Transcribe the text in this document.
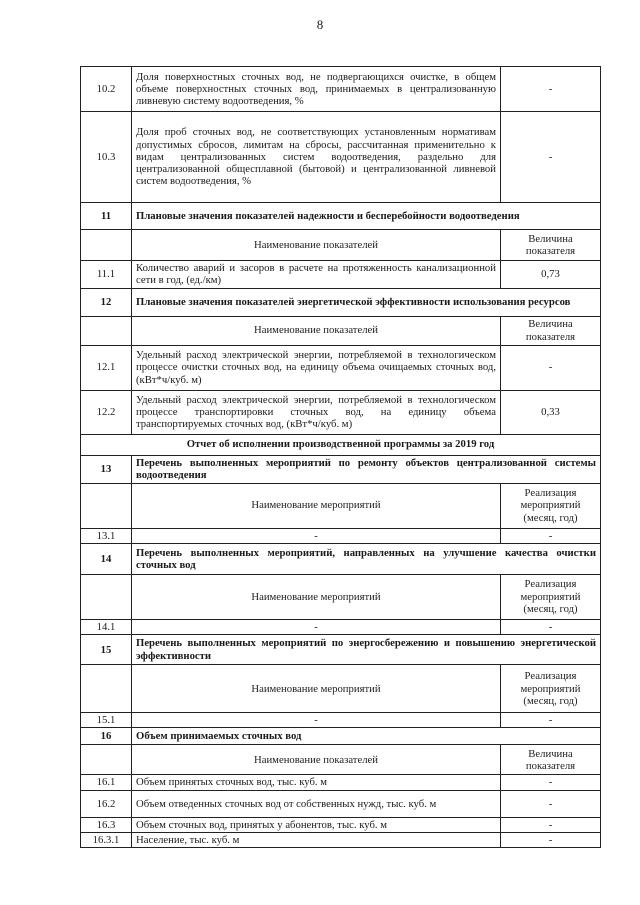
8
10.2	Доля поверхностных сточных вод, не подвергающихся очистке, в общем объеме поверхностных сточных вод, принимаемых в централизованную ливневую систему водоотведения, %	-
10.3	Доля проб сточных вод, не соответствующих установленным нормативам допустимых сбросов, лимитам на сбросы, рассчитанная применительно к видам централизованных систем водоотведения, раздельно для централизованной общесплавной (бытовой) и централизованной ливневой систем водоотведения, %	-
11	Плановые значения показателей надежности и бесперебойности водоотведения	
	Наименование показателей	Величина показателя
11.1	Количество аварий и засоров в расчете на протяженность канализационной сети в год, (ед./км)	0,73
12	Плановые значения показателей энергетической эффективности использования ресурсов	
	Наименование показателей	Величина показателя
12.1	Удельный расход электрической энергии, потребляемой в технологическом процессе очистки сточных вод, на единицу объема очищаемых сточных вод, (кВт*ч/куб. м)	-
12.2	Удельный расход электрической энергии, потребляемой в технологическом процессе транспортировки сточных вод, на единицу объема транспортируемых сточных вод, (кВт*ч/куб. м)	0,33
Отчет об исполнении производственной программы за 2019 год		
13	Перечень выполненных мероприятий по ремонту объектов централизованной системы водоотведения	
	Наименование мероприятий	Реализация мероприятий (месяц, год)
13.1	-	-
14	Перечень выполненных мероприятий, направленных на улучшение качества очистки сточных вод	
	Наименование мероприятий	Реализация мероприятий (месяц, год)
14.1	-	-
15	Перечень выполненных мероприятий по энергосбережению и повышению энергетической эффективности	
	Наименование мероприятий	Реализация мероприятий (месяц, год)
15.1	-	-
16	Объем принимаемых сточных вод	
	Наименование показателей	Величина показателя
16.1	Объем принятых сточных вод, тыс. куб. м	-
16.2	Объем отведенных сточных вод от собственных нужд, тыс. куб. м	-
16.3	Объем сточных вод, принятых у абонентов, тыс. куб. м	-
16.3.1	Население, тыс. куб. м	-
